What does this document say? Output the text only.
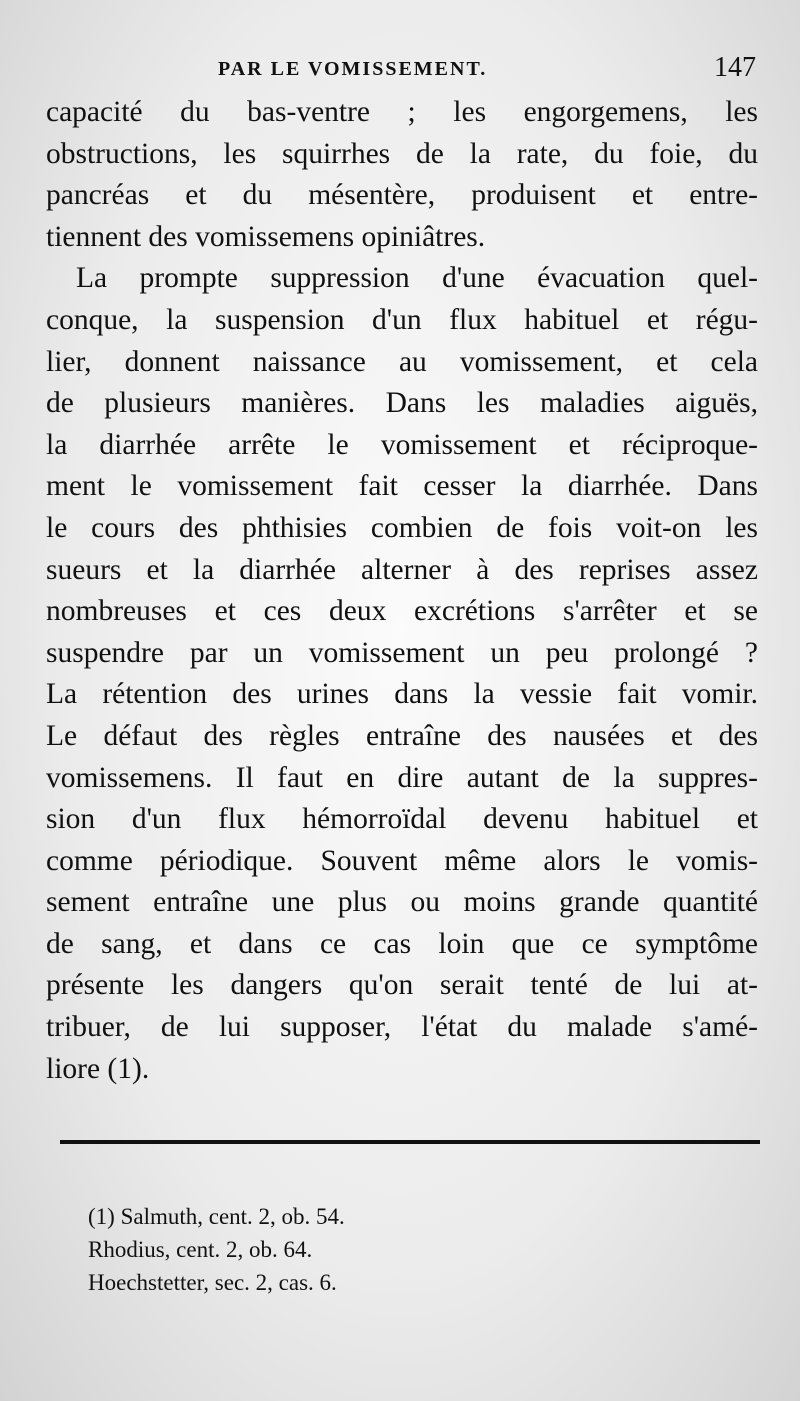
PAR LE VOMISSEMENT.	147
capacité du bas-ventre ; les engorgemens, les
obstructions, les squirrhes de la rate, du foie, du
pancréas et du mésentère, produisent et entre-
tiennent des vomissemens opiniâtres.
La prompte suppression d'une évacuation quel-
conque, la suspension d'un flux habituel et régu-
lier, donnent naissance au vomissement, et cela
de plusieurs manières. Dans les maladies aiguës,
la diarrhée arrête le vomissement et réciproque-
ment le vomissement fait cesser la diarrhée. Dans
le cours des phthisies combien de fois voit-on les
sueurs et la diarrhée alterner à des reprises assez
nombreuses et ces deux excrétions s'arrêter et se
suspendre par un vomissement un peu prolongé ?
La rétention des urines dans la vessie fait vomir.
Le défaut des règles entraîne des nausées et des
vomissemens. Il faut en dire autant de la suppres-
sion d'un flux hémorroïdal devenu habituel et
comme périodique. Souvent même alors le vomis-
sement entraîne une plus ou moins grande quantité
de sang, et dans ce cas loin que ce symptôme
présente les dangers qu'on serait tenté de lui at-
tribuer, de lui supposer, l'état du malade s'amé-
liore (1).
(1) Salmuth, cent. 2, ob. 54.
Rhodius, cent. 2, ob. 64.
Hoechstetter, sec. 2, cas. 6.
